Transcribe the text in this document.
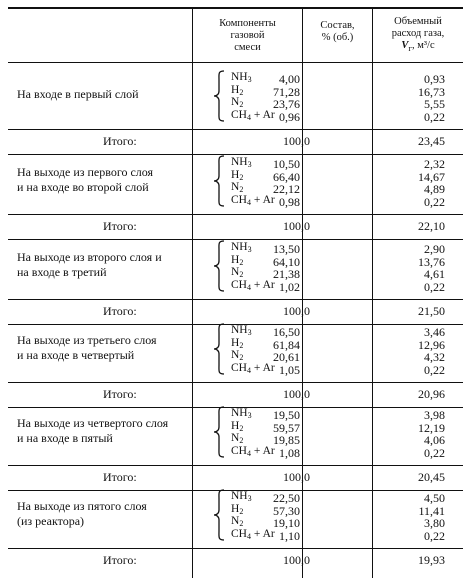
Компоненты
газовой
смеси
Состав,
% (об.)
Объемный
расход газа,
$V_г$, м³/с
На входе в первый слой
$NH_3$ 4,00	0,93
$H_2$ 71,28	16,73
$N_2$ 23,76	5,55
$CH_4 + Ar$ 0,96	0,22
Итого:	100,0	23,45
На выходе из первого слоя
и на входе во второй слой
$NH_3$ 10,50	2,32
$H_2$ 66,40	14,67
$N_2$ 22,12	4,89
$CH_4 + Ar$ 0,98	0,22
Итого:	100,0	22,10
На выходе из второго слоя и
на входе в третий
$NH_3$ 13,50	2,90
$H_2$ 64,10	13,76
$N_2$ 21,38	4,61
$CH_4 + Ar$ 1,02	0,22
Итого:	100,0	21,50
На выходе из третьего слоя
и на входе в четвертый
$NH_3$ 16,50	3,46
$H_2$ 61,84	12,96
$N_2$ 20,61	4,32
$CH_4 + Ar$ 1,05	0,22
Итого:	100,0	20,96
На выходе из четвертого слоя
и на входе в пятый
$NH_3$ 19,50	3,98
$H_2$ 59,57	12,19
$N_2$ 19,85	4,06
$CH_4 + Ar$ 1,08	0,22
Итого:	100,0	20,45
На выходе из пятого слоя
(из реактора)
$NH_3$ 22,50	4,50
$H_2$ 57,30	11,41
$N_2$ 19,10	3,80
$CH_4 + Ar$ 1,10	0,22
Итого:	100,0	19,93
